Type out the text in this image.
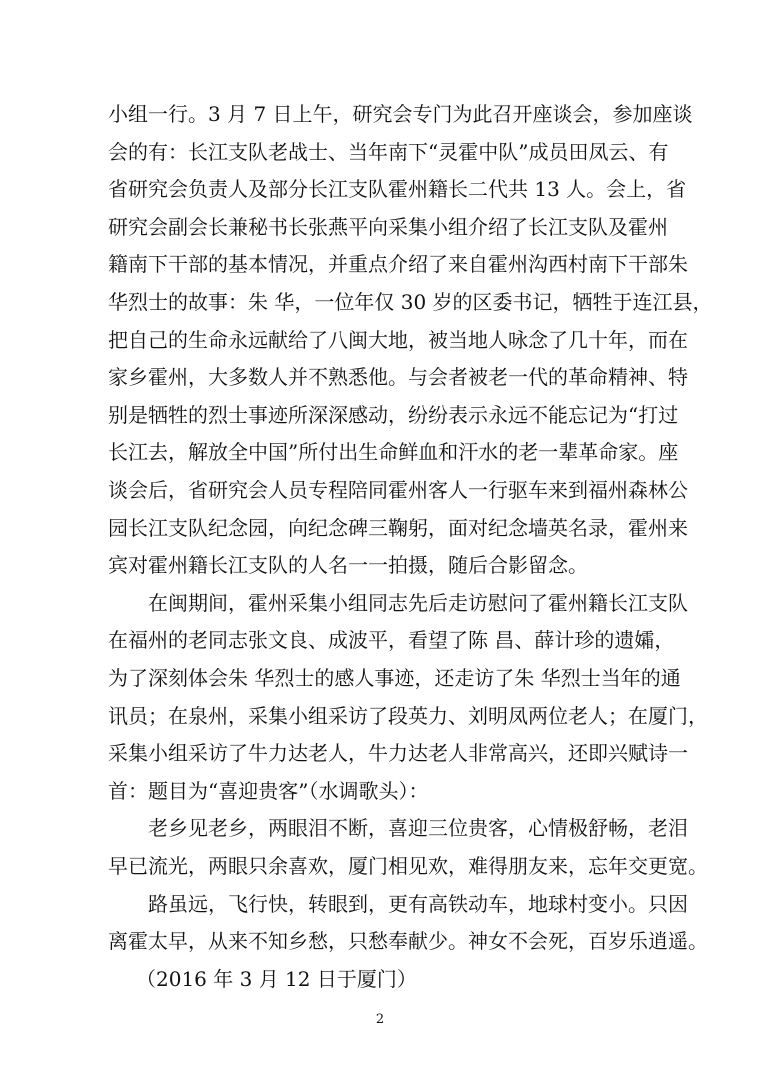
小组一行。3 月 7 日上午，研究会专门为此召开座谈会，参加座谈
会的有：长江支队老战士、当年南下“灵霍中队”成员田凤云、有
省研究会负责人及部分长江支队霍州籍长二代共 13 人。会上，省
研究会副会长兼秘书长张燕平向采集小组介绍了长江支队及霍州
籍南下干部的基本情况，并重点介绍了来自霍州沟西村南下干部朱
华烈士的故事：朱 华，一位年仅 30 岁的区委书记，牺牲于连江县，
把自己的生命永远献给了八闽大地，被当地人咏念了几十年，而在
家乡霍州，大多数人并不熟悉他。与会者被老一代的革命精神、特
别是牺牲的烈士事迹所深深感动，纷纷表示永远不能忘记为“打过
长江去，解放全中国”所付出生命鲜血和汗水的老一辈革命家。座
谈会后，省研究会人员专程陪同霍州客人一行驱车来到福州森林公
园长江支队纪念园，向纪念碑三鞠躬，面对纪念墙英名录，霍州来
宾对霍州籍长江支队的人名一一拍摄，随后合影留念。
在闽期间，霍州采集小组同志先后走访慰问了霍州籍长江支队
在福州的老同志张文良、成波平，看望了陈 昌、薛计珍的遗孀，
为了深刻体会朱 华烈士的感人事迹，还走访了朱 华烈士当年的通
讯员；在泉州，采集小组采访了段英力、刘明凤两位老人；在厦门，
采集小组采访了牛力达老人，牛力达老人非常高兴，还即兴赋诗一
首：题目为“喜迎贵客”（水调歌头）：
老乡见老乡，两眼泪不断，喜迎三位贵客，心情极舒畅，老泪
早已流光，两眼只余喜欢，厦门相见欢，难得朋友来，忘年交更宽。
路虽远，飞行快，转眼到，更有高铁动车，地球村变小。只因
离霍太早，从来不知乡愁，只愁奉献少。神女不会死，百岁乐逍遥。
（2016 年 3 月 12 日于厦门）
2
